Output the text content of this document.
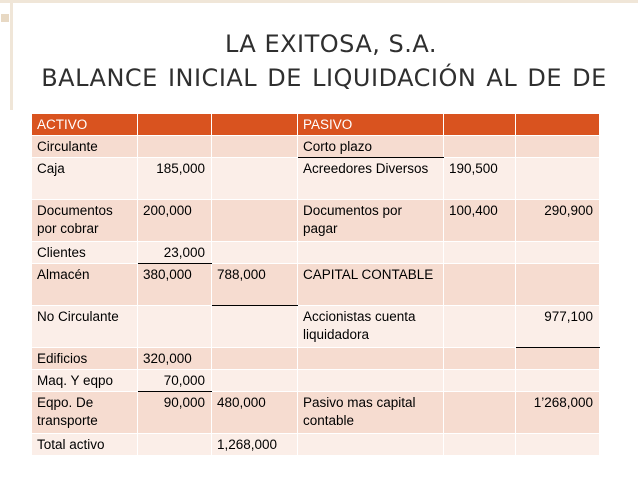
LA EXITOSA, S.A.
BALANCE INICIAL DE LIQUIDACIÓN AL DE DE
ACTIVO			PASIVO		
Circulante			Corto plazo		
Caja	185,000		Acreedores Diversos	190,500	
Documentos por cobrar	200,000		Documentos por pagar	100,400	290,900
Clientes	23,000				
Almacén	380,000	788,000	CAPITAL CONTABLE		
No Circulante			Accionistas cuenta liquidadora		977,100
Edificios	320,000				
Maq. Y eqpo	70,000				
Eqpo. De transporte	90,000	480,000	Pasivo mas capital contable		1’268,000
Total activo		1,268,000			
